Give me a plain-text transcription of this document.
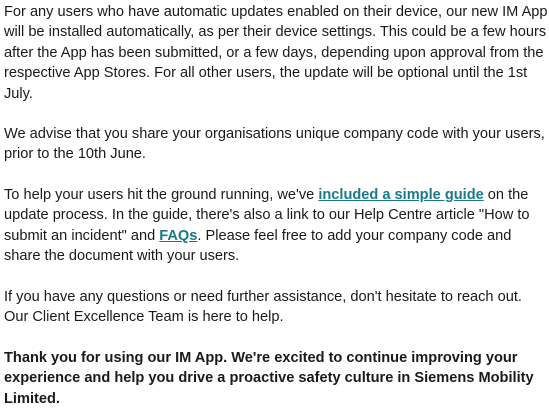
For any users who have automatic updates enabled on their device, our new IM App will be installed automatically, as per their device settings. This could be a few hours after the App has been submitted, or a few days, depending upon approval from the respective App Stores. For all other users, the update will be optional until the 1st July.

We advise that you share your organisations unique company code with your users, prior to the 10th June.

To help your users hit the ground running, we've included a simple guide on the update process. In the guide, there's also a link to our Help Centre article "How to submit an incident" and FAQs. Please feel free to add your company code and share the document with your users.

If you have any questions or need further assistance, don't hesitate to reach out. Our Client Excellence Team is here to help.

Thank you for using our IM App. We're excited to continue improving your experience and help you drive a proactive safety culture in Siemens Mobility Limited.
